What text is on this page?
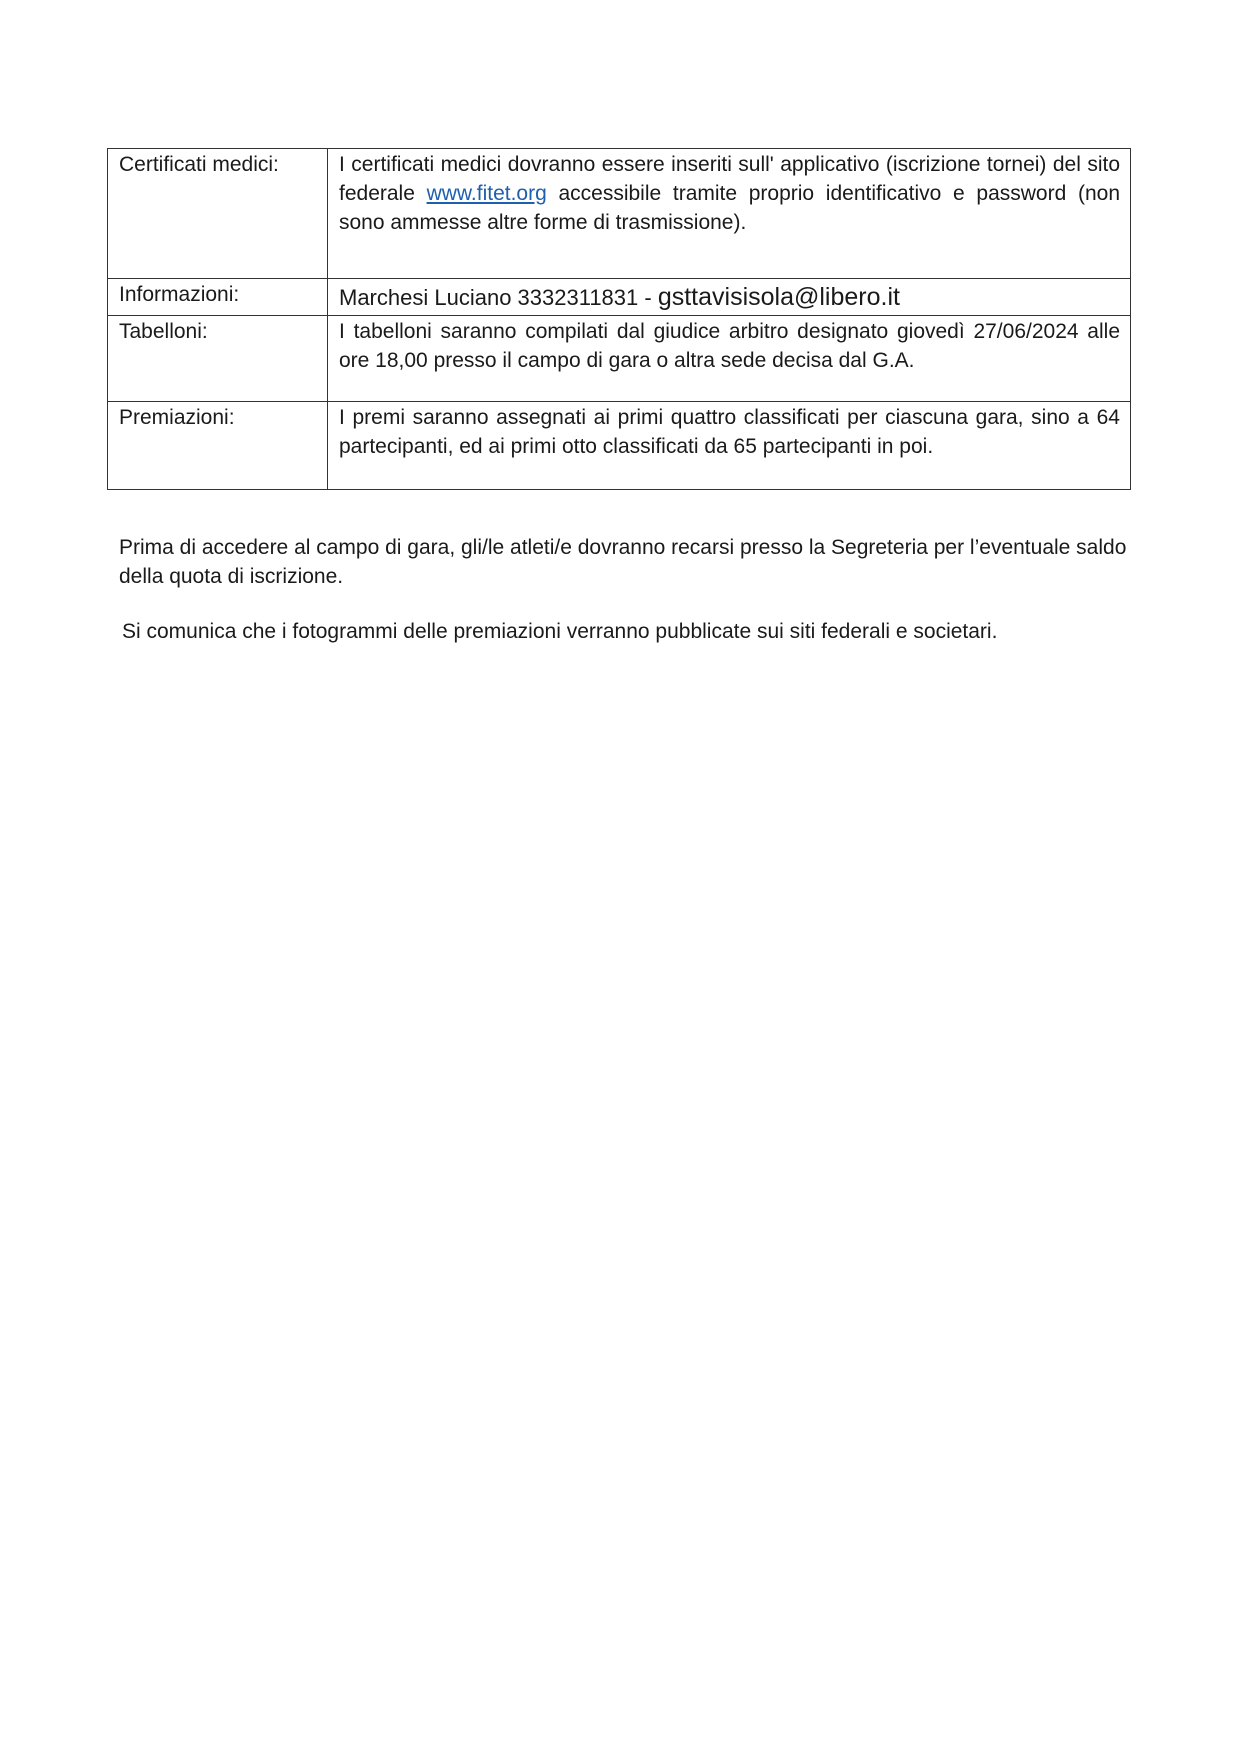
Certificati medici:	I certificati medici dovranno essere inseriti sull' applicativo (iscrizione tornei) del sito federale www.fitet.org accessibile tramite proprio identificativo e password (non sono ammesse altre forme di trasmissione).
Informazioni:	Marchesi Luciano 3332311831 - gsttavisisola@libero.it
Tabelloni:	I tabelloni saranno compilati dal giudice arbitro designato giovedì 27/06/2024 alle ore 18,00 presso il campo di gara o altra sede decisa dal G.A.
Premiazioni:	I premi saranno assegnati ai primi quattro classificati per ciascuna gara, sino a 64 partecipanti, ed ai primi otto classificati da 65 partecipanti in poi.

Prima di accedere al campo di gara, gli/le atleti/e dovranno recarsi presso la Segreteria per l’eventuale saldo della quota di iscrizione.

Si comunica che i fotogrammi delle premiazioni verranno pubblicate sui siti federali e societari.
